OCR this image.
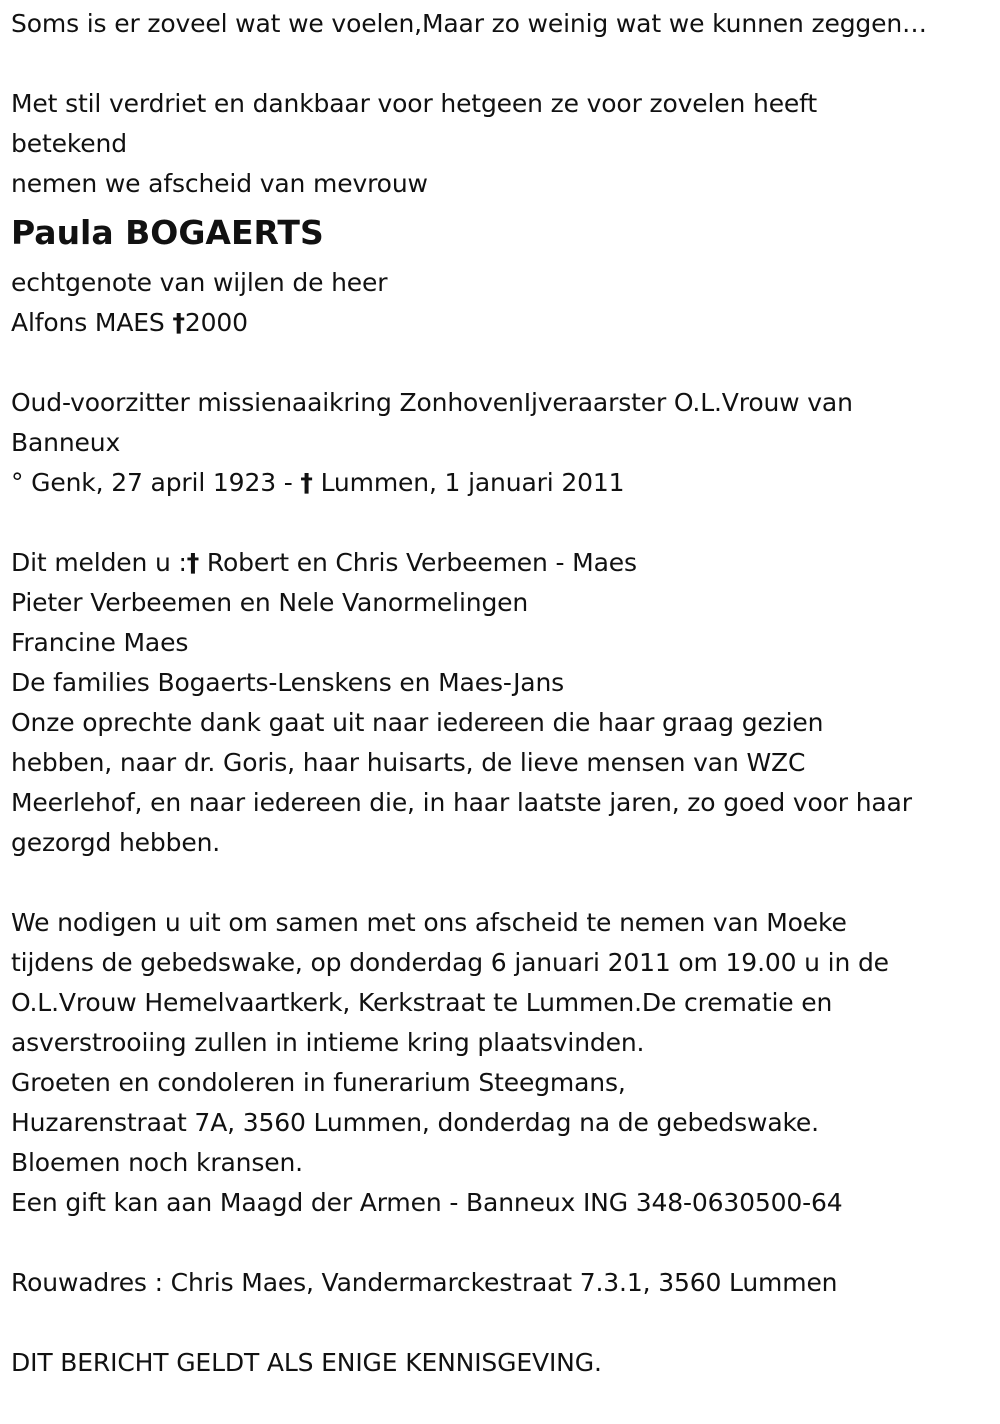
Soms is er zoveel wat we voelen,Maar zo weinig wat we kunnen zeggen…
Met stil verdriet en dankbaar voor hetgeen ze voor zovelen heeft
betekend
nemen we afscheid van mevrouw
Paula BOGAERTS
echtgenote van wijlen de heer
Alfons MAES †2000
Oud-voorzitter missienaaikring ZonhovenIjveraarster O.L.Vrouw van
Banneux
° Genk, 27 april 1923 - † Lummen, 1 januari 2011
Dit melden u :† Robert en Chris Verbeemen - Maes
Pieter Verbeemen en Nele Vanormelingen
Francine Maes
De families Bogaerts-Lenskens en Maes-Jans
Onze oprechte dank gaat uit naar iedereen die haar graag gezien
hebben, naar dr. Goris, haar huisarts, de lieve mensen van WZC
Meerlehof, en naar iedereen die, in haar laatste jaren, zo goed voor haar
gezorgd hebben.
We nodigen u uit om samen met ons afscheid te nemen van Moeke
tijdens de gebedswake, op donderdag 6 januari 2011 om 19.00 u in de
O.L.Vrouw Hemelvaartkerk, Kerkstraat te Lummen.De crematie en
asverstrooiing zullen in intieme kring plaatsvinden.
Groeten en condoleren in funerarium Steegmans,
Huzarenstraat 7A, 3560 Lummen, donderdag na de gebedswake.
Bloemen noch kransen.
Een gift kan aan Maagd der Armen - Banneux ING 348-0630500-64
Rouwadres : Chris Maes, Vandermarckestraat 7.3.1, 3560 Lummen
DIT BERICHT GELDT ALS ENIGE KENNISGEVING.
